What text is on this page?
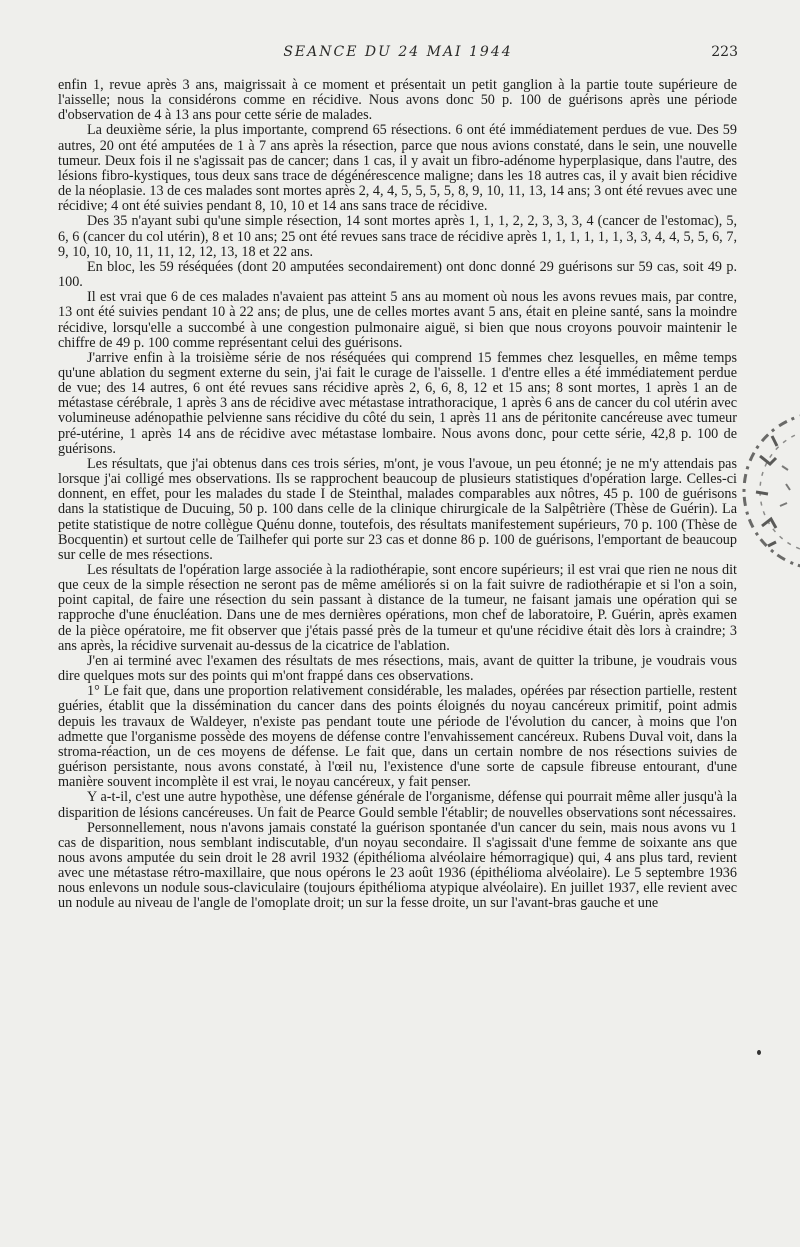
SEANCE DU 24 MAI 1944	223

enfin 1, revue après 3 ans, maigrissait à ce moment et présentait un petit ganglion à la partie toute supérieure de l'aisselle; nous la considérons comme en récidive. Nous avons donc 50 p. 100 de guérisons après une période d'observation de 4 à 13 ans pour cette série de malades.

La deuxième série, la plus importante, comprend 65 résections. 6 ont été immédiatement perdues de vue. Des 59 autres, 20 ont été amputées de 1 à 7 ans après la résection, parce que nous avions constaté, dans le sein, une nouvelle tumeur. Deux fois il ne s'agissait pas de cancer; dans 1 cas, il y avait un fibro-adénome hyperplasique, dans l'autre, des lésions fibro-kystiques, tous deux sans trace de dégénérescence maligne; dans les 18 autres cas, il y avait bien récidive de la néoplasie. 13 de ces malades sont mortes après 2, 4, 4, 5, 5, 5, 5, 8, 9, 10, 11, 13, 14 ans; 3 ont été revues avec une récidive; 4 ont été suivies pendant 8, 10, 10 et 14 ans sans trace de récidive.

Des 35 n'ayant subi qu'une simple résection, 14 sont mortes après 1, 1, 1, 2, 2, 3, 3, 3, 4 (cancer de l'estomac), 5, 6, 6 (cancer du col utérin), 8 et 10 ans; 25 ont été revues sans trace de récidive après 1, 1, 1, 1, 1, 1, 3, 3, 4, 4, 5, 5, 6, 7, 9, 10, 10, 10, 11, 11, 12, 12, 13, 18 et 22 ans.

En bloc, les 59 réséquées (dont 20 amputées secondairement) ont donc donné 29 guérisons sur 59 cas, soit 49 p. 100.

Il est vrai que 6 de ces malades n'avaient pas atteint 5 ans au moment où nous les avons revues mais, par contre, 13 ont été suivies pendant 10 à 22 ans; de plus, une de celles mortes avant 5 ans, était en pleine santé, sans la moindre récidive, lorsqu'elle a succombé à une congestion pulmonaire aiguë, si bien que nous croyons pouvoir maintenir le chiffre de 49 p. 100 comme représentant celui des guérisons.

J'arrive enfin à la troisième série de nos réséquées qui comprend 15 femmes chez lesquelles, en même temps qu'une ablation du segment externe du sein, j'ai fait le curage de l'aisselle. 1 d'entre elles a été immédiatement perdue de vue; des 14 autres, 6 ont été revues sans récidive après 2, 6, 6, 8, 12 et 15 ans; 8 sont mortes, 1 après 1 an de métastase cérébrale, 1 après 3 ans de récidive avec métastase intrathoracique, 1 après 6 ans de cancer du col utérin avec volumineuse adénopathie pelvienne sans récidive du côté du sein, 1 après 11 ans de péritonite cancéreuse avec tumeur pré-utérine, 1 après 14 ans de récidive avec métastase lombaire. Nous avons donc, pour cette série, 42,8 p. 100 de guérisons.

Les résultats, que j'ai obtenus dans ces trois séries, m'ont, je vous l'avoue, un peu étonné; je ne m'y attendais pas lorsque j'ai colligé mes observations. Ils se rapprochent beaucoup de plusieurs statistiques d'opération large. Celles-ci donnent, en effet, pour les malades du stade I de Steinthal, malades comparables aux nôtres, 45 p. 100 de guérisons dans la statistique de Ducuing, 50 p. 100 dans celle de la clinique chirurgicale de la Salpêtrière (Thèse de Guérin). La petite statistique de notre collègue Quénu donne, toutefois, des résultats manifestement supérieurs, 70 p. 100 (Thèse de Bocquentin) et surtout celle de Tailhefer qui porte sur 23 cas et donne 86 p. 100 de guérisons, l'emportant de beaucoup sur celle de mes résections.

Les résultats de l'opération large associée à la radiothérapie, sont encore supérieurs; il est vrai que rien ne nous dit que ceux de la simple résection ne seront pas de même améliorés si on la fait suivre de radiothérapie et si l'on a soin, point capital, de faire une résection du sein passant à distance de la tumeur, ne faisant jamais une opération qui se rapproche d'une énucléation. Dans une de mes dernières opérations, mon chef de laboratoire, P. Guérin, après examen de la pièce opératoire, me fit observer que j'étais passé près de la tumeur et qu'une récidive était dès lors à craindre; 3 ans après, la récidive survenait au-dessus de la cicatrice de l'ablation.

J'en ai terminé avec l'examen des résultats de mes résections, mais, avant de quitter la tribune, je voudrais vous dire quelques mots sur des points qui m'ont frappé dans ces observations.

1° Le fait que, dans une proportion relativement considérable, les malades, opérées par résection partielle, restent guéries, établit que la dissémination du cancer dans des points éloignés du noyau cancéreux primitif, point admis depuis les travaux de Waldeyer, n'existe pas pendant toute une période de l'évolution du cancer, à moins que l'on admette que l'organisme possède des moyens de défense contre l'envahissement cancéreux. Rubens Duval voit, dans la stroma-réaction, un de ces moyens de défense. Le fait que, dans un certain nombre de nos résections suivies de guérison persistante, nous avons constaté, à l'œil nu, l'existence d'une sorte de capsule fibreuse entourant, d'une manière souvent incomplète il est vrai, le noyau cancéreux, y fait penser.

Y a-t-il, c'est une autre hypothèse, une défense générale de l'organisme, défense qui pourrait même aller jusqu'à la disparition de lésions cancéreuses. Un fait de Pearce Gould semble l'établir; de nouvelles observations sont nécessaires.

Personnellement, nous n'avons jamais constaté la guérison spontanée d'un cancer du sein, mais nous avons vu 1 cas de disparition, nous semblant indiscutable, d'un noyau secondaire. Il s'agissait d'une femme de soixante ans que nous avons amputée du sein droit le 28 avril 1932 (épithélioma alvéolaire hémorragique) qui, 4 ans plus tard, revient avec une métastase rétro-maxillaire, que nous opérons le 23 août 1936 (épithélioma alvéolaire). Le 5 septembre 1936 nous enlevons un nodule sous-claviculaire (toujours épithélioma atypique alvéolaire). En juillet 1937, elle revient avec un nodule au niveau de l'angle de l'omoplate droit; un sur la fesse droite, un sur l'avant-bras gauche et une
